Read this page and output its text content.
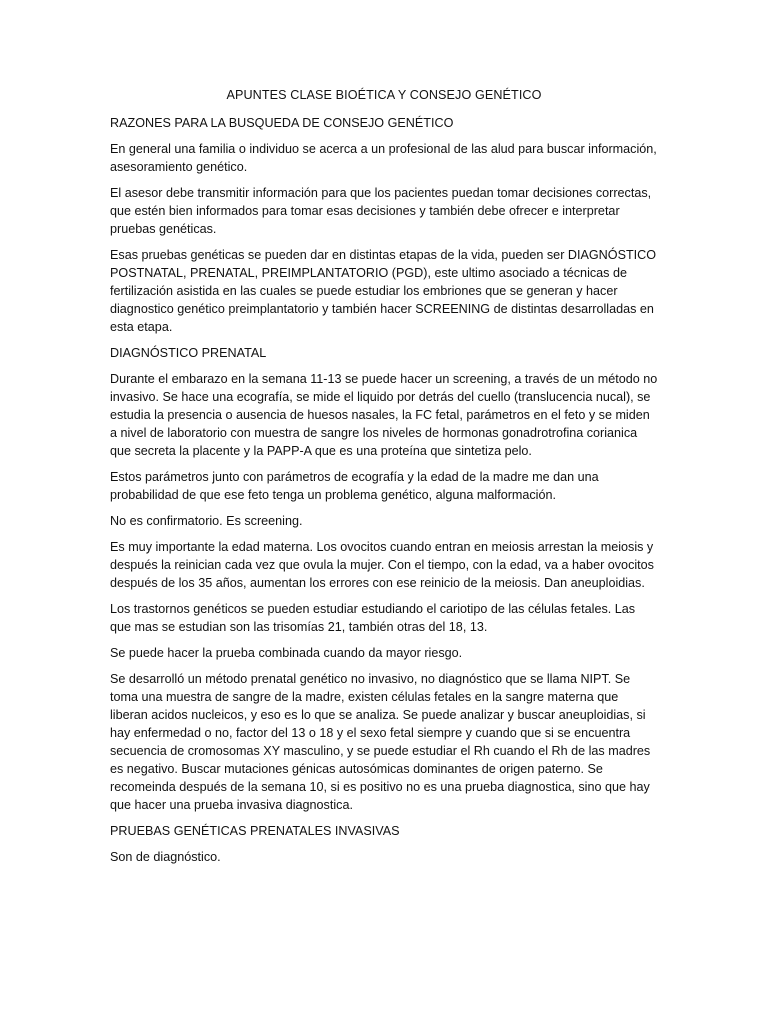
APUNTES CLASE BIOÉTICA Y CONSEJO GENÉTICO
RAZONES PARA LA BUSQUEDA DE CONSEJO GENÉTICO

En general una familia o individuo se acerca a un profesional de las alud para buscar información, asesoramiento genético.

El asesor debe transmitir información para que los pacientes puedan tomar decisiones correctas, que estén bien informados para tomar esas decisiones y también debe ofrecer e interpretar pruebas genéticas.

Esas pruebas genéticas se pueden dar en distintas etapas de la vida, pueden ser DIAGNÓSTICO POSTNATAL, PRENATAL, PREIMPLANTATORIO (PGD), este ultimo asociado a técnicas de fertilización asistida en las cuales se puede estudiar los embriones que se generan y hacer diagnostico genético preimplantatorio y también hacer SCREENING de distintas desarrolladas en esta etapa.

DIAGNÓSTICO PRENATAL

Durante el embarazo en la semana 11-13 se puede hacer un screening, a través de un método no invasivo. Se hace una ecografía, se mide el liquido por detrás del cuello (translucencia nucal), se estudia la presencia o ausencia de huesos nasales, la FC fetal, parámetros en el feto y se miden a nivel de laboratorio con muestra de sangre los niveles de hormonas gonadrotrofina corianica que secreta la placente y la PAPP-A que es una proteína que sintetiza pelo.

Estos parámetros junto con parámetros de ecografía y la edad de la madre me dan una probabilidad de que ese feto tenga un problema genético, alguna malformación.

No es confirmatorio. Es screening.

Es muy importante la edad materna. Los ovocitos cuando entran en meiosis arrestan la meiosis y después la reinician cada vez que ovula la mujer. Con el tiempo, con la edad, va a haber ovocitos después de los 35 años, aumentan los errores con ese reinicio de la meiosis. Dan aneuploidias.

Los trastornos genéticos se pueden estudiar estudiando el cariotipo de las células fetales. Las que mas se estudian son las trisomías 21, también otras del 18, 13.

Se puede hacer la prueba combinada cuando da mayor riesgo.

Se desarrolló un método prenatal genético no invasivo, no diagnóstico que se llama NIPT. Se toma una muestra de sangre de la madre, existen células fetales en la sangre materna que liberan acidos nucleicos, y eso es lo que se analiza. Se puede analizar y buscar aneuploidias, si hay enfermedad o no, factor del 13 o 18 y el sexo fetal siempre y cuando que si se encuentra secuencia de cromosomas XY masculino, y se puede estudiar el Rh cuando el Rh de las madres es negativo. Buscar mutaciones génicas autosómicas dominantes de origen paterno. Se recomeinda después de la semana 10, si es positivo no es una prueba diagnostica, sino que hay que hacer una prueba invasiva diagnostica.

PRUEBAS GENÉTICAS PRENATALES INVASIVAS

Son de diagnóstico.
